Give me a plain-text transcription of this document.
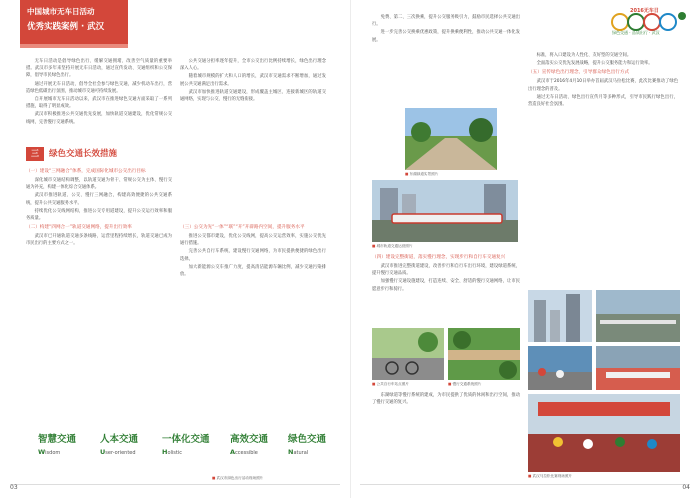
中国城市无车日活动
优秀实践案例 · 武汉

无车日活动是倡导绿色出行、缓解交通拥堵、改善空气质量的重要举措。武汉市多年来坚持开展无车日活动，通过宣传发动、交通组织和公交保障，倡导市民绿色出行。

通过开展无车日活动，倡导全社会参与绿色交通，减少机动车出行，营造绿色低碳出行氛围，推动城市交通可持续发展。

自开展城市无车日活动以来，武汉市在推进绿色交通方面采取了一系列措施，取得了明显成效。

武汉市积极推进公共交通优先发展，加快轨道交通建设，优化常规公交线网，完善慢行交通系统。

三	绿色交通长效措施
（一）建设“三网融合”体系，完成国际化城市公交出行目标

深化城市交通结构调整，以轨道交通为骨干、常规公交为主体、慢行交通为补充，构建一体化综合交通体系。

武汉市推进轨道、公交、慢行三网融合，构建高效便捷的公共交通系统，提升公共交通服务水平。

持续优化公交线网结构，推进公交专用道建设，提升公交运行效率和服务质量。

（二）构建“四网合一”轨道交通网络，提升出行效率

武汉市已开通轨道交通多条线路，运营里程持续增长，轨道交通已成为市民出行的主要方式之一。

公共交通分担率逐年提升，全市公交出行比例持续增长，绿色出行理念深入人心。

随着城市规模的扩大和人口的增长，武汉市交通需求不断增加，通过发展公共交通满足出行需求。

武汉市加快推进轨道交通建设，形成覆盖主城区、连接新城区的轨道交通网络，实现与公交、慢行的无缝衔接。

（三）公交为先“一体”“联”“开”开辟路内空间，提升服务水平

推进公交都市建设，优化公交线网，提高公交运营效率，实施公交优先通行措施。

完善公共自行车系统，建设慢行交通网络，为市民提供便捷的绿色出行选择。

加大新能源公交车推广力度，提高清洁能源车辆比例，减少交通污染排放。

智慧交通
Wisdom
人本交通
User-oriented
一体化交通
Holistic
高效交通
Accessible
绿色交通
Natural
■ 武汉市绿色出行活动现场照片
03

免费、第二、三次换乘，提升公交服务吸引力，鼓励市民选择公共交通出行。

进一步完善公交换乘优惠政策，提升换乘便利性，推动公共交通一体化发展。

■ 东湖绿道实景照片
■ 城市轨道交通运营照片
（四）建设完整街道，落实慢行理念，实现步行和自行车交通复兴

武汉市推进完整街道建设，改善步行和自行车出行环境，建设绿道系统，提升慢行交通品质。

加强慢行交通设施建设，打造连续、安全、舒适的慢行交通网络，让市民愿意步行和骑行。

■ 公共自行车站点照片
■	慢行交通系统照片

东湖绿道等慢行系统的建成，为市民提供了优质的休闲和出行空间，推动了慢行交通的复兴。

2016无车日
绿色交通 · 品质出行 · 武汉

标准，将入口建设为人性化、友好型的交通空间。

全面落实公交优先发展战略，提升公交服务能力和运行效率。

（五）宣传绿色出行理念，引导群众绿色出行方式

武汉市于2016年4月10日举办首届武汉马拉松比赛，此次比赛推动了绿色出行理念的普及。

通过无车日活动、绿色出行宣传月等多种形式，引导市民践行绿色出行，营造良好社会氛围。

■ 武汉马拉松比赛现场照片
04
